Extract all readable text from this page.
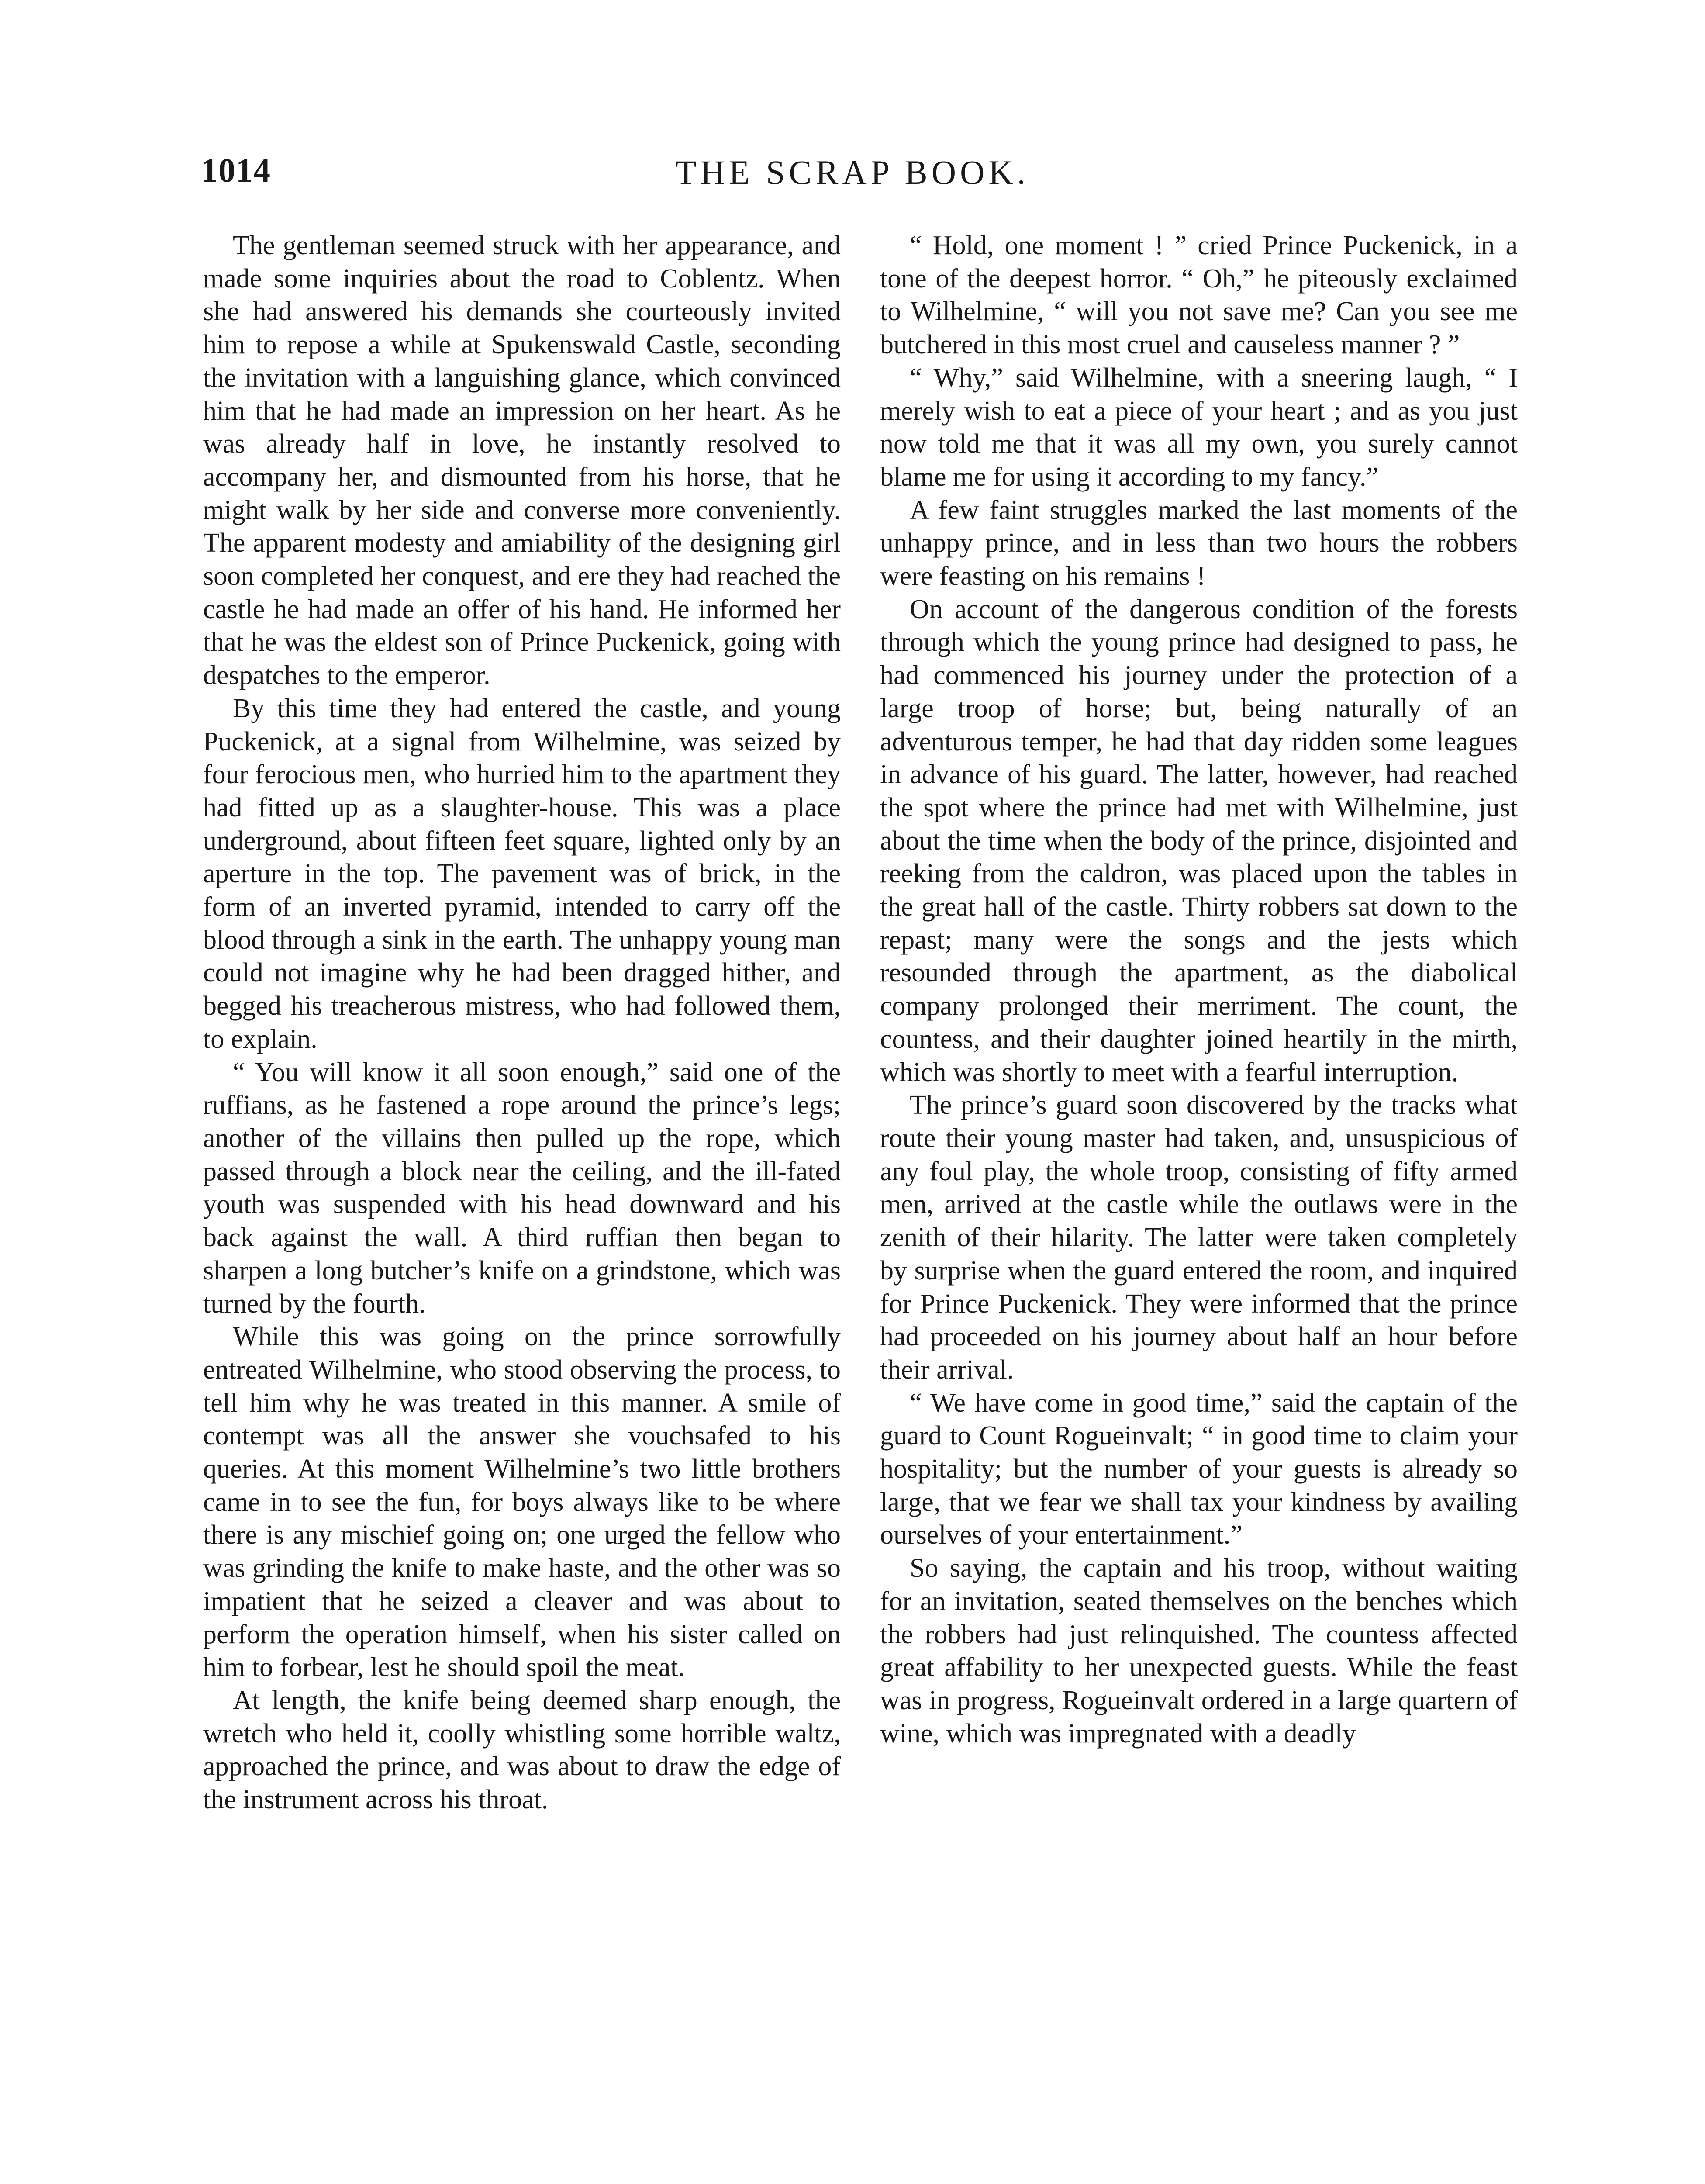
1014	THE SCRAP BOOK.

The gentleman seemed struck with her appearance, and made some inquiries about the road to Coblentz. When she had answered his demands she courteously invited him to repose a while at Spukenswald Castle, seconding the invitation with a languishing glance, which convinced him that he had made an impression on her heart. As he was already half in love, he instantly resolved to accompany her, and dismounted from his horse, that he might walk by her side and converse more conveniently. The apparent modesty and amiability of the designing girl soon completed her conquest, and ere they had reached the castle he had made an offer of his hand. He informed her that he was the eldest son of Prince Puckenick, going with despatches to the emperor.

By this time they had entered the castle, and young Puckenick, at a signal from Wilhelmine, was seized by four ferocious men, who hurried him to the apartment they had fitted up as a slaughter-house. This was a place underground, about fifteen feet square, lighted only by an aperture in the top. The pavement was of brick, in the form of an inverted pyramid, intended to carry off the blood through a sink in the earth. The unhappy young man could not imagine why he had been dragged hither, and begged his treacherous mistress, who had followed them, to explain.

“ You will know it all soon enough,” said one of the ruffians, as he fastened a rope around the prince’s legs; another of the villains then pulled up the rope, which passed through a block near the ceiling, and the ill-fated youth was suspended with his head downward and his back against the wall. A third ruffian then began to sharpen a long butcher’s knife on a grindstone, which was turned by the fourth.

While this was going on the prince sorrowfully entreated Wilhelmine, who stood observing the process, to tell him why he was treated in this manner. A smile of contempt was all the answer she vouchsafed to his queries. At this moment Wilhelmine’s two little brothers came in to see the fun, for boys always like to be where there is any mischief going on; one urged the fellow who was grinding the knife to make haste, and the other was so impatient that he seized a cleaver and was about to perform the operation himself, when his sister called on him to forbear, lest he should spoil the meat.

At length, the knife being deemed sharp enough, the wretch who held it, coolly whistling some horrible waltz, approached the prince, and was about to draw the edge of the instrument across his throat.

“ Hold, one moment ! ” cried Prince Puckenick, in a tone of the deepest horror. “ Oh,” he piteously exclaimed to Wilhelmine, “ will you not save me? Can you see me butchered in this most cruel and causeless manner ? ”

“ Why,” said Wilhelmine, with a sneering laugh, “ I merely wish to eat a piece of your heart ; and as you just now told me that it was all my own, you surely cannot blame me for using it according to my fancy.”

A few faint struggles marked the last moments of the unhappy prince, and in less than two hours the robbers were feasting on his remains !

On account of the dangerous condition of the forests through which the young prince had designed to pass, he had commenced his journey under the protection of a large troop of horse; but, being naturally of an adventurous temper, he had that day ridden some leagues in advance of his guard. The latter, however, had reached the spot where the prince had met with Wilhelmine, just about the time when the body of the prince, disjointed and reeking from the caldron, was placed upon the tables in the great hall of the castle. Thirty robbers sat down to the repast; many were the songs and the jests which resounded through the apartment, as the diabolical company prolonged their merriment. The count, the countess, and their daughter joined heartily in the mirth, which was shortly to meet with a fearful interruption.

The prince’s guard soon discovered by the tracks what route their young master had taken, and, unsuspicious of any foul play, the whole troop, consisting of fifty armed men, arrived at the castle while the outlaws were in the zenith of their hilarity. The latter were taken completely by surprise when the guard entered the room, and inquired for Prince Puckenick. They were informed that the prince had proceeded on his journey about half an hour before their arrival.

“ We have come in good time,” said the captain of the guard to Count Rogueinvalt; “ in good time to claim your hospitality; but the number of your guests is already so large, that we fear we shall tax your kindness by availing ourselves of your entertainment.”

So saying, the captain and his troop, without waiting for an invitation, seated themselves on the benches which the robbers had just relinquished. The countess affected great affability to her unexpected guests. While the feast was in progress, Rogueinvalt ordered in a large quartern of wine, which was impregnated with a deadly
